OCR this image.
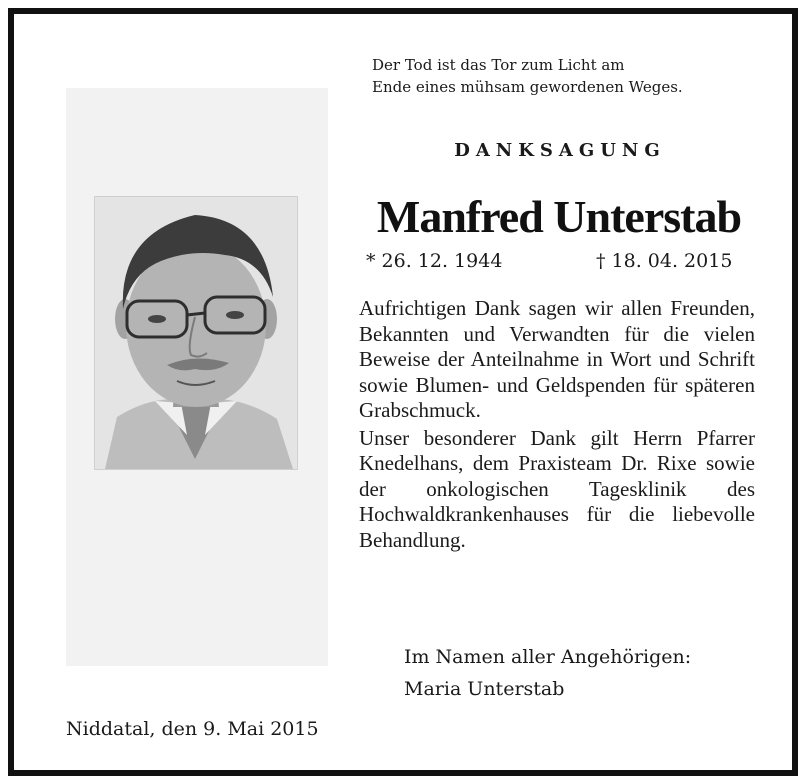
Der Tod ist das Tor zum Licht am
Ende eines mühsam gewordenen Weges.
DANKSAGUNG
Manfred Unterstab
* 26. 12. 1944	† 18. 04. 2015

Aufrichtigen Dank sagen wir allen Freunden, Bekannten und Verwandten für die vielen Beweise der Anteilnahme in Wort und Schrift sowie Blumen- und Geldspenden für späteren Grabschmuck.

Unser besonderer Dank gilt Herrn Pfarrer Knedelhans, dem Praxisteam Dr. Rixe sowie der onkologischen Tagesklinik des Hochwaldkrankenhauses für die liebevolle Behandlung.

Im Namen aller Angehörigen:
Maria Unterstab
Niddatal, den 9. Mai 2015
